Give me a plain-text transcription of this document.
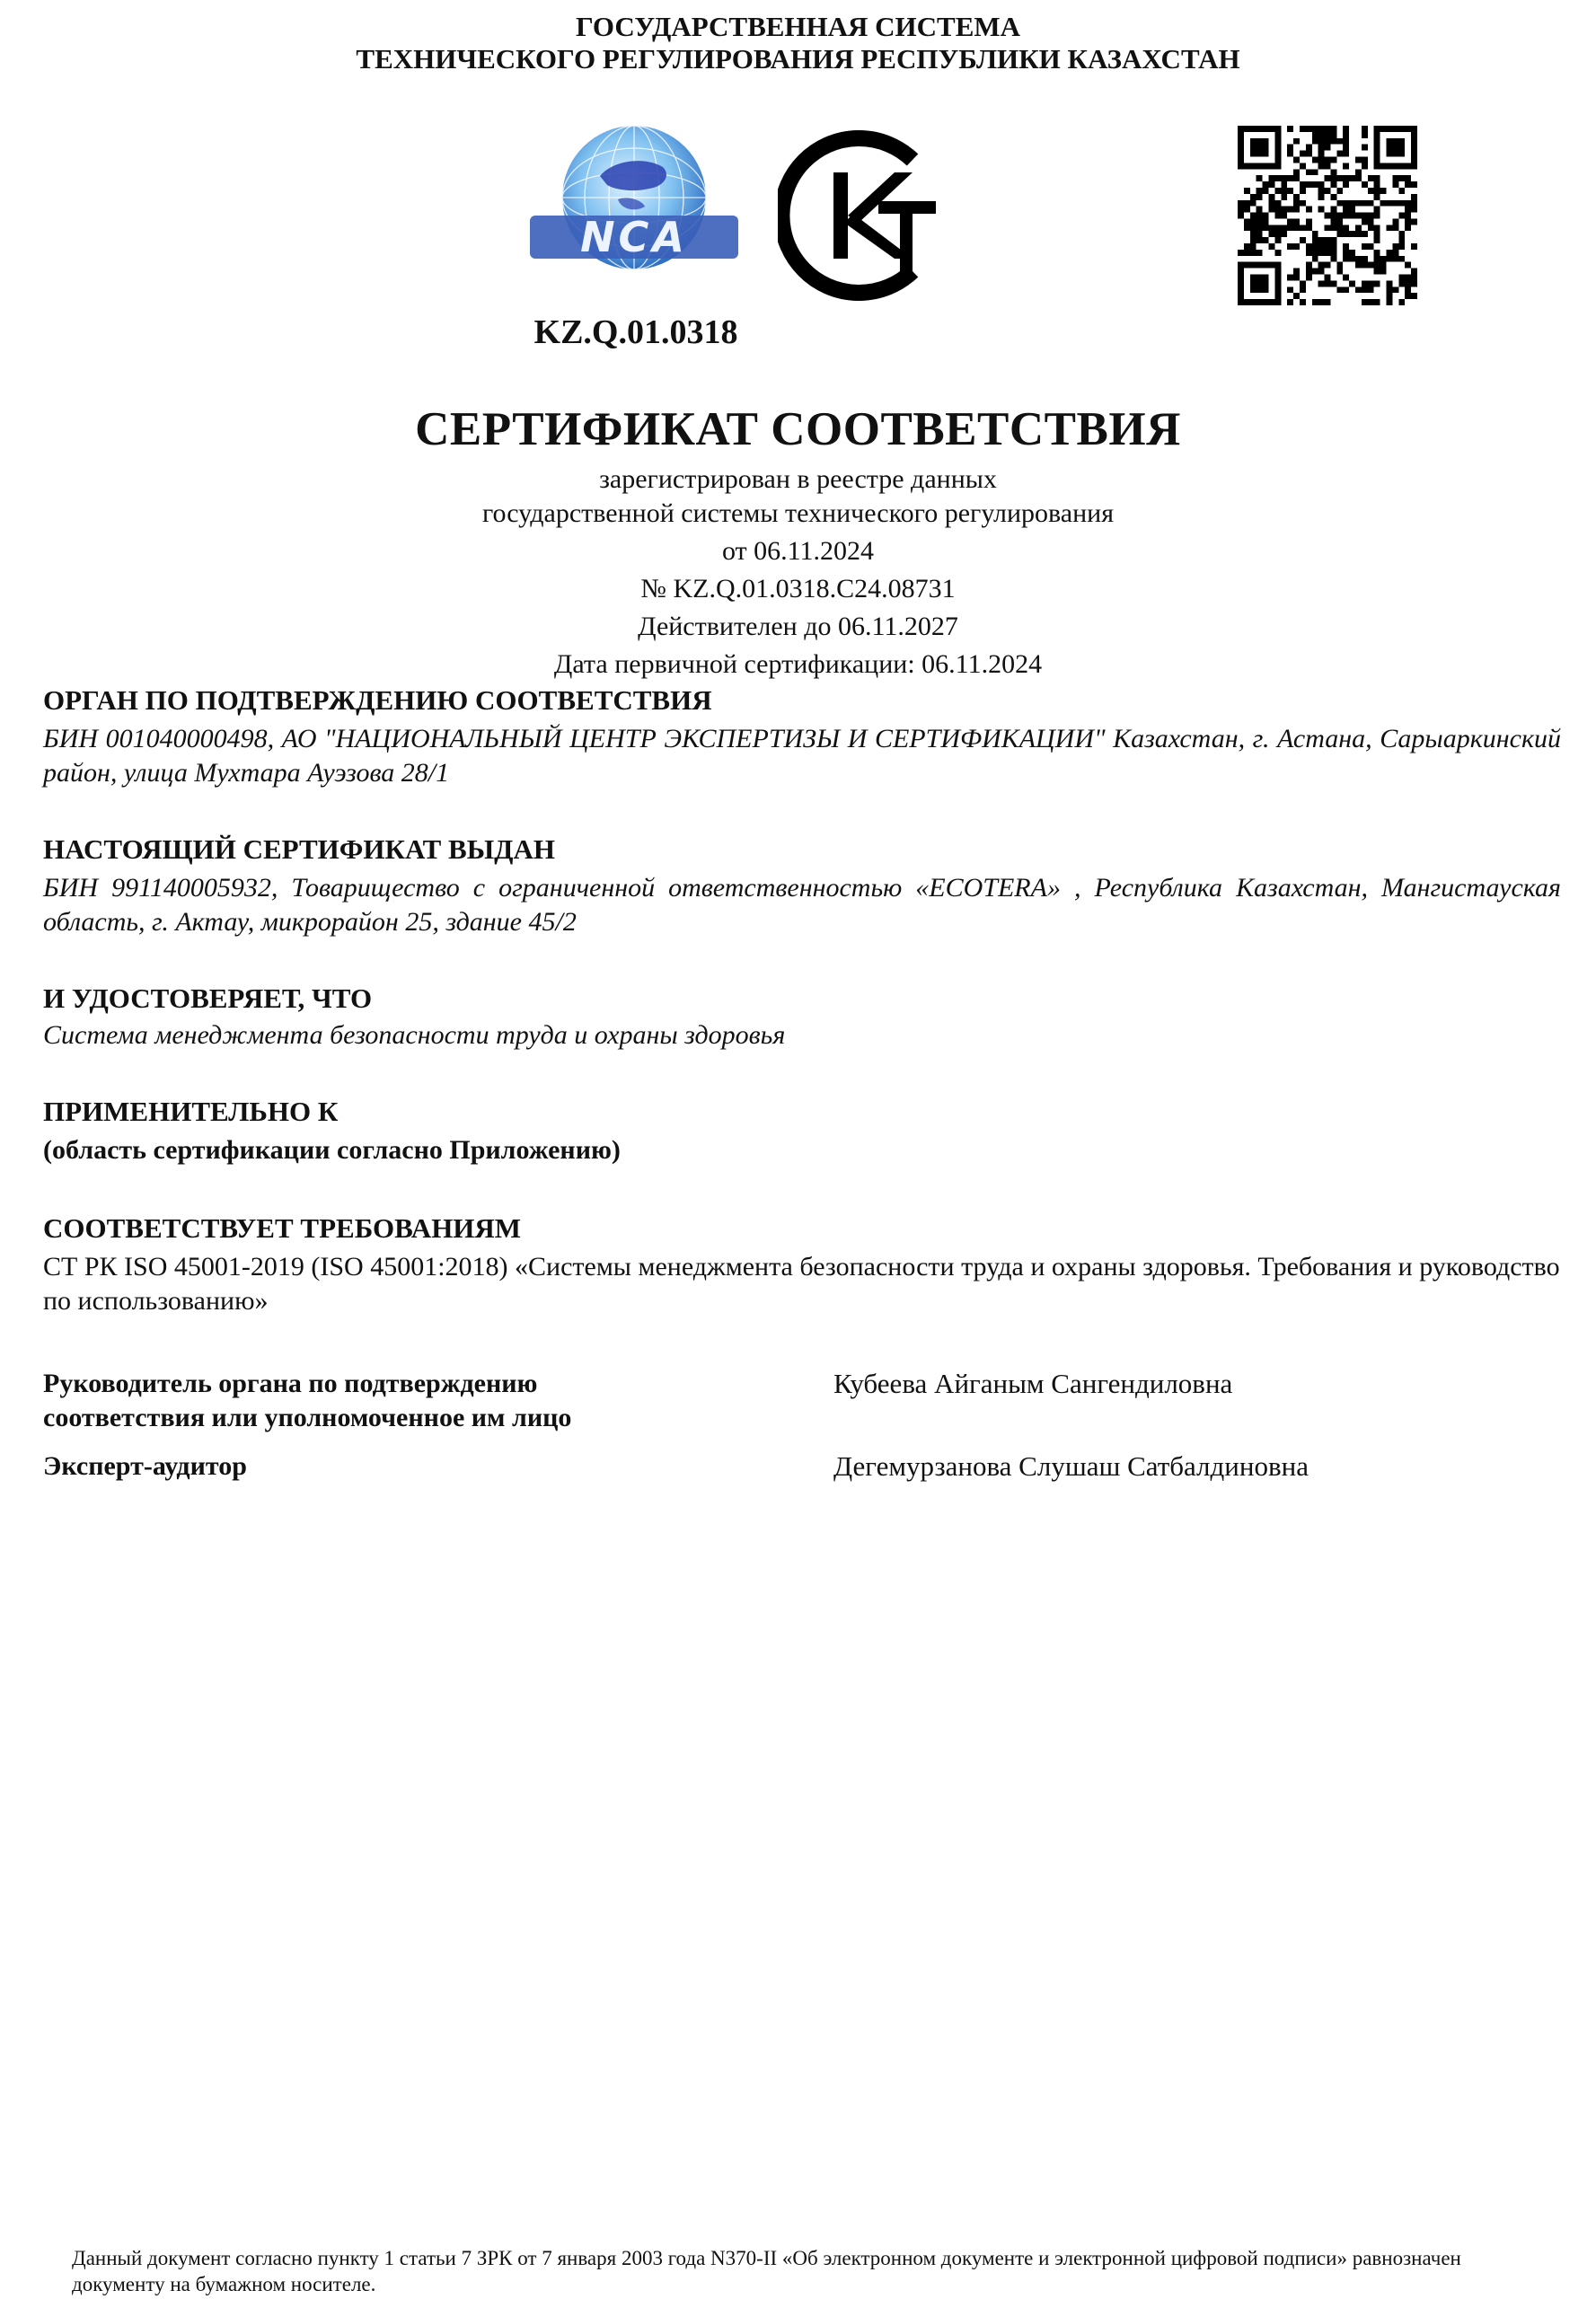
ГОСУДАРСТВЕННАЯ СИСТЕМА
ТЕХНИЧЕСКОГО РЕГУЛИРОВАНИЯ РЕСПУБЛИКИ КАЗАХСТАН
NCA
KZ.Q.01.0318
СЕРТИФИКАТ СООТВЕТСТВИЯ
зарегистрирован в реестре данных
государственной системы технического регулирования
от 06.11.2024
№ KZ.Q.01.0318.С24.08731
Действителен до 06.11.2027
Дата первичной сертификации: 06.11.2024
ОРГАН ПО ПОДТВЕРЖДЕНИЮ СООТВЕТСТВИЯ
БИН 001040000498, АО "НАЦИОНАЛЬНЫЙ ЦЕНТР ЭКСПЕРТИЗЫ И СЕРТИФИКАЦИИ" Казахстан, г. Астана, Сарыаркинский район, улица Мухтара Ауэзова 28/1
НАСТОЯЩИЙ СЕРТИФИКАТ ВЫДАН
БИН 991140005932, Товарищество с ограниченной ответственностью «ECOTERA» , Республика Казахстан, Мангистауская область, г. Актау, микрорайон 25, здание 45/2
И УДОСТОВЕРЯЕТ, ЧТО
Система менеджмента безопасности труда и охраны здоровья
ПРИМЕНИТЕЛЬНО К
(область сертификации согласно Приложению)
СООТВЕТСТВУЕТ ТРЕБОВАНИЯМ
СТ РК ISO 45001-2019 (ISO 45001:2018) «Системы менеджмента безопасности труда и охраны здоровья. Требования и руководство по использованию»
Руководитель органа по подтверждению
соответствия или уполномоченное им лицо
Кубеева Айганым Сангендиловна
Эксперт-аудитор	Дегемурзанова Слушаш Сатбалдиновна
Данный документ согласно пункту 1 статьи 7 ЗРК от 7 января 2003 года N370-II «Об электронном документе и электронной цифровой подписи» равнозначен документу на бумажном носителе.
